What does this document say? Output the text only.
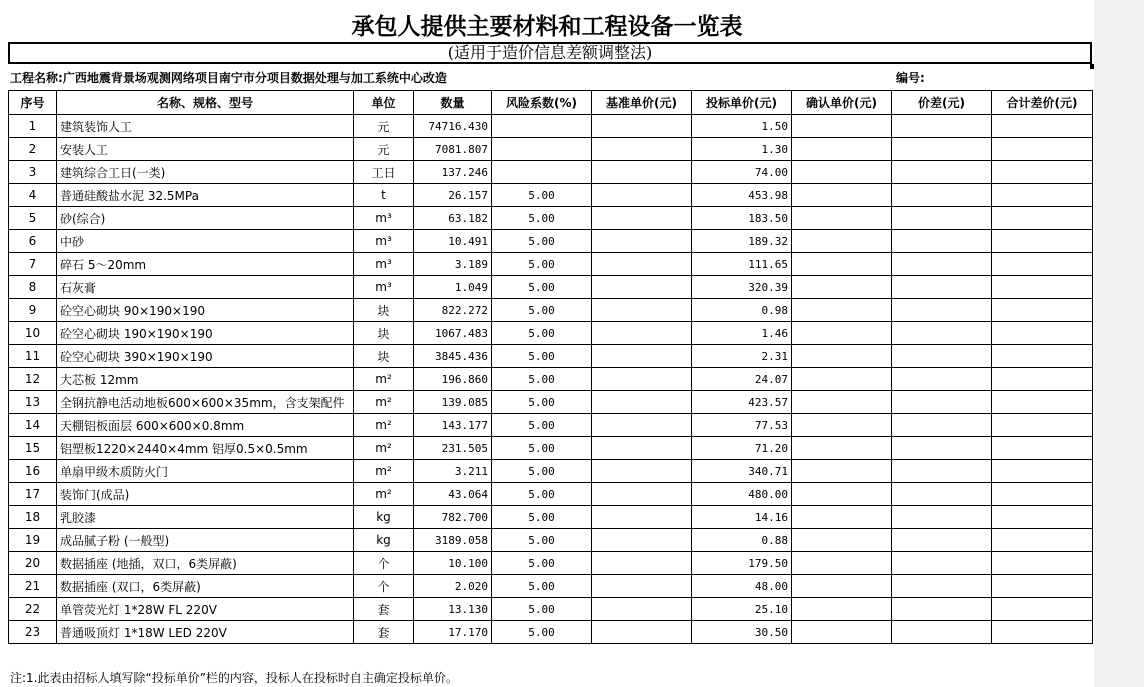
承包人提供主要材料和工程设备一览表
(适用于造价信息差额调整法)
工程名称:广西地震背景场观测网络项目南宁市分项目数据处理与加工系统中心改造	编号:
序号	名称、规格、型号	单位	数量	风险系数(%)	基准单价(元)	投标单价(元)	确认单价(元)	价差(元)	合计差价(元)
1	建筑装饰人工	元	74716.430			1.50			
2	安装人工	元	7081.807			1.30			
3	建筑综合工日(一类)	工日	137.246			74.00			
4	普通硅酸盐水泥 32.5MPa	t	26.157	5.00		453.98			
5	砂(综合)	m³	63.182	5.00		183.50			
6	中砂	m³	10.491	5.00		189.32			
7	碎石 5～20mm	m³	3.189	5.00		111.65			
8	石灰膏	m³	1.049	5.00		320.39			
9	砼空心砌块 90×190×190	块	822.272	5.00		0.98			
10	砼空心砌块 190×190×190	块	1067.483	5.00		1.46			
11	砼空心砌块 390×190×190	块	3845.436	5.00		2.31			
12	大芯板 12mm	m²	196.860	5.00		24.07			
13	全钢抗静电活动地板600×600×35mm，含支架配件	m²	139.085	5.00		423.57			
14	天棚铝板面层 600×600×0.8mm	m²	143.177	5.00		77.53			
15	铝塑板1220×2440×4mm 铝厚0.5×0.5mm	m²	231.505	5.00		71.20			
16	单扇甲级木质防火门	m²	3.211	5.00		340.71			
17	装饰门(成品)	m²	43.064	5.00		480.00			
18	乳胶漆	kg	782.700	5.00		14.16			
19	成品腻子粉 (一般型)	kg	3189.058	5.00		0.88			
20	数据插座 (地插，双口，6类屏蔽)	个	10.100	5.00		179.50			
21	数据插座 (双口，6类屏蔽)	个	2.020	5.00		48.00			
22	单管荧光灯 1*28W FL 220V	套	13.130	5.00		25.10			
23	普通吸顶灯 1*18W LED 220V	套	17.170	5.00		30.50			
注:1.此表由招标人填写除“投标单价”栏的内容，投标人在投标时自主确定投标单价。
